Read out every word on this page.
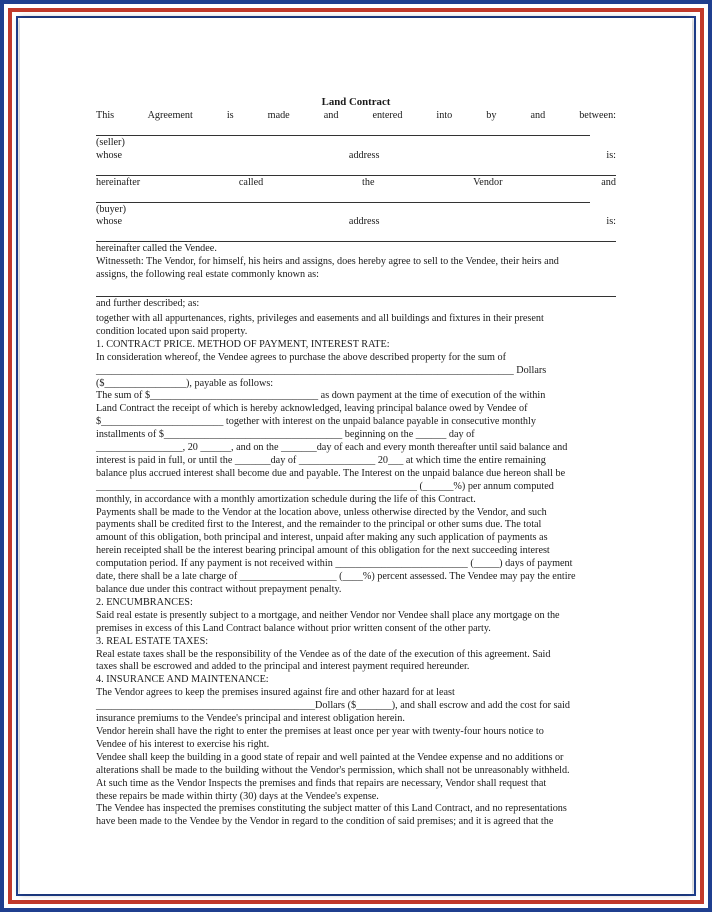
Land Contract

This Agreement is made and entered into by and between:

(seller)

whose address is:

hereinafter called the Vendor and

(buyer)

whose address is:

hereinafter called the Vendee.

Witnesseth: The Vendor, for himself, his heirs and assigns, does hereby agree to sell to the Vendee, their heirs and

assigns, the following real estate commonly known as:

and further described; as:

together with all appurtenances, rights, privileges and easements and all buildings and fixtures in their present

condition located upon said property.

1. CONTRACT PRICE. METHOD OF PAYMENT, INTEREST RATE:

In consideration whereof, the Vendee agrees to purchase the above described property for the sum of

__________________________________________________________________________________ Dollars

($________________), payable as follows:

The sum of $_________________________________ as down payment at the time of execution of the within

Land Contract the receipt of which is hereby acknowledged, leaving principal balance owed by Vendee of

$________________________ together with interest on the unpaid balance payable in consecutive monthly

installments of $___________________________________ beginning on the ______ day of

_________________, 20 ______, and on the _______day of each and every month thereafter until said balance and

interest is paid in full, or until the _______day of _______________ 20___ at which time the entire remaining

balance plus accrued interest shall become due and payable. The Interest on the unpaid balance due hereon shall be

_______________________________________________________________ (______%) per annum computed

monthly, in accordance with a monthly amortization schedule during the life of this Contract.

Payments shall be made to the Vendor at the location above, unless otherwise directed by the Vendor, and such

payments shall be credited first to the Interest, and the remainder to the principal or other sums due. The total

amount of this obligation, both principal and interest, unpaid after making any such application of payments as

herein receipted shall be the interest bearing principal amount of this obligation for the next succeeding interest

computation period. If any payment is not received within __________________________ (_____) days of payment

date, there shall be a late charge of ___________________ (____%) percent assessed. The Vendee may pay the entire

balance due under this contract without prepayment penalty.

2. ENCUMBRANCES:

Said real estate is presently subject to a mortgage, and neither Vendor nor Vendee shall place any mortgage on the

premises in excess of this Land Contract balance without prior written consent of the other party.

3. REAL ESTATE TAXES:

Real estate taxes shall be the responsibility of the Vendee as of the date of the execution of this agreement. Said

taxes shall be escrowed and added to the principal and interest payment required hereunder.

4. INSURANCE AND MAINTENANCE:

The Vendor agrees to keep the premises insured against fire and other hazard for at least

___________________________________________Dollars ($_______), and shall escrow and add the cost for said

insurance premiums to the Vendee's principal and interest obligation herein.

Vendor herein shall have the right to enter the premises at least once per year with twenty-four hours notice to

Vendee of his interest to exercise his right.

Vendee shall keep the building in a good state of repair and well painted at the Vendee expense and no additions or

alterations shall be made to the building without the Vendor's permission, which shall not be unreasonably withheld.

At such time as the Vendor Inspects the premises and finds that repairs are necessary, Vendor shall request that

these repairs be made within thirty (30) days at the Vendee's expense.

The Vendee has inspected the premises constituting the subject matter of this Land Contract, and no representations

have been made to the Vendee by the Vendor in regard to the condition of said premises; and it is agreed that the
